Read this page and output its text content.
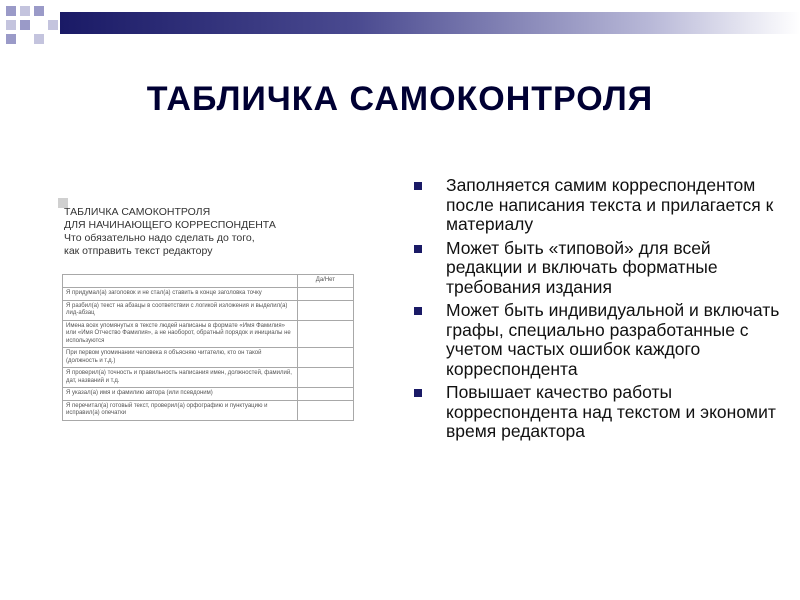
ТАБЛИЧКА САМОКОНТРОЛЯ
ТАБЛИЧКА САМОКОНТРОЛЯ
ДЛЯ НАЧИНАЮЩЕГО КОРРЕСПОНДЕНТА
Что обязательно надо сделать до того,
как отправить текст редактору
	Да/Нет
Я придумал(а) заголовок и не стал(а) ставить в конце заголовка точку	
Я разбил(а) текст на абзацы в соответствии с логикой изложения и выделил(а) лид-абзац	
Имена всех упомянутых в тексте людей написаны в формате «Имя Фамилия» или «Имя Отчество Фамилия», а не наоборот, обратный порядок и инициалы не используются	
При первом упоминании человека я объясняю читателю, кто он такой (должность и т.д.)	
Я проверил(а) точность и правильность написания имен, должностей, фамилий, дат, названий и т.д.	
Я указал(а) имя и фамилию автора (или псевдоним)	
Я перечитал(а) готовый текст, проверил(а) орфографию и пунктуацию и исправил(а) опечатки	
Заполняется самим корреспондентом после написания текста и прилагается к материалу
Может быть «типовой» для всей редакции и включать форматные требования издания
Может быть индивидуальной и включать графы, специально разработанные с учетом частых ошибок каждого корреспондента
Повышает качество работы корреспондента над текстом и экономит время редактора
